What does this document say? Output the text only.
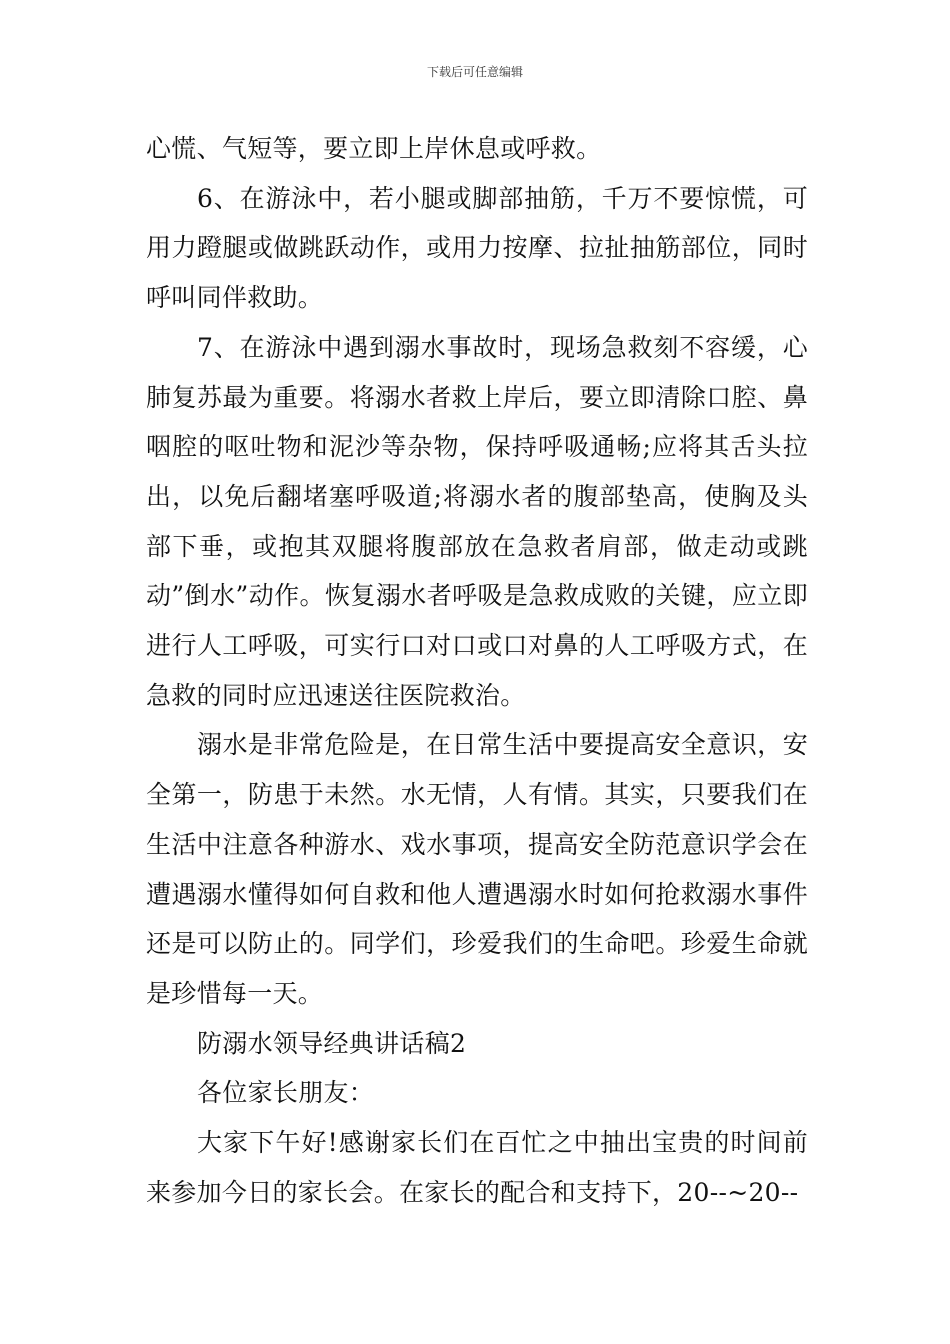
下载后可任意编辑

心慌、气短等，要立即上岸休息或呼救。

6、在游泳中，若小腿或脚部抽筋，千万不要惊慌，可用力蹬腿或做跳跃动作，或用力按摩、拉扯抽筋部位，同时呼叫同伴救助。

7、在游泳中遇到溺水事故时，现场急救刻不容缓，心肺复苏最为重要。将溺水者救上岸后，要立即清除口腔、鼻咽腔的呕吐物和泥沙等杂物，保持呼吸通畅;应将其舌头拉出，以免后翻堵塞呼吸道;将溺水者的腹部垫高，使胸及头部下垂，或抱其双腿将腹部放在急救者肩部，做走动或跳动”倒水”动作。恢复溺水者呼吸是急救成败的关键，应立即进行人工呼吸，可实行口对口或口对鼻的人工呼吸方式，在急救的同时应迅速送往医院救治。

溺水是非常危险是，在日常生活中要提高安全意识，安全第一，防患于未然。水无情，人有情。其实，只要我们在生活中注意各种游水、戏水事项，提高安全防范意识学会在遭遇溺水懂得如何自救和他人遭遇溺水时如何抢救溺水事件还是可以防止的。同学们，珍爱我们的生命吧。珍爱生命就是珍惜每一天。

防溺水领导经典讲话稿2

各位家长朋友：

大家下午好!感谢家长们在百忙之中抽出宝贵的时间前来参加今日的家长会。在家长的配合和支持下，20--~20--
